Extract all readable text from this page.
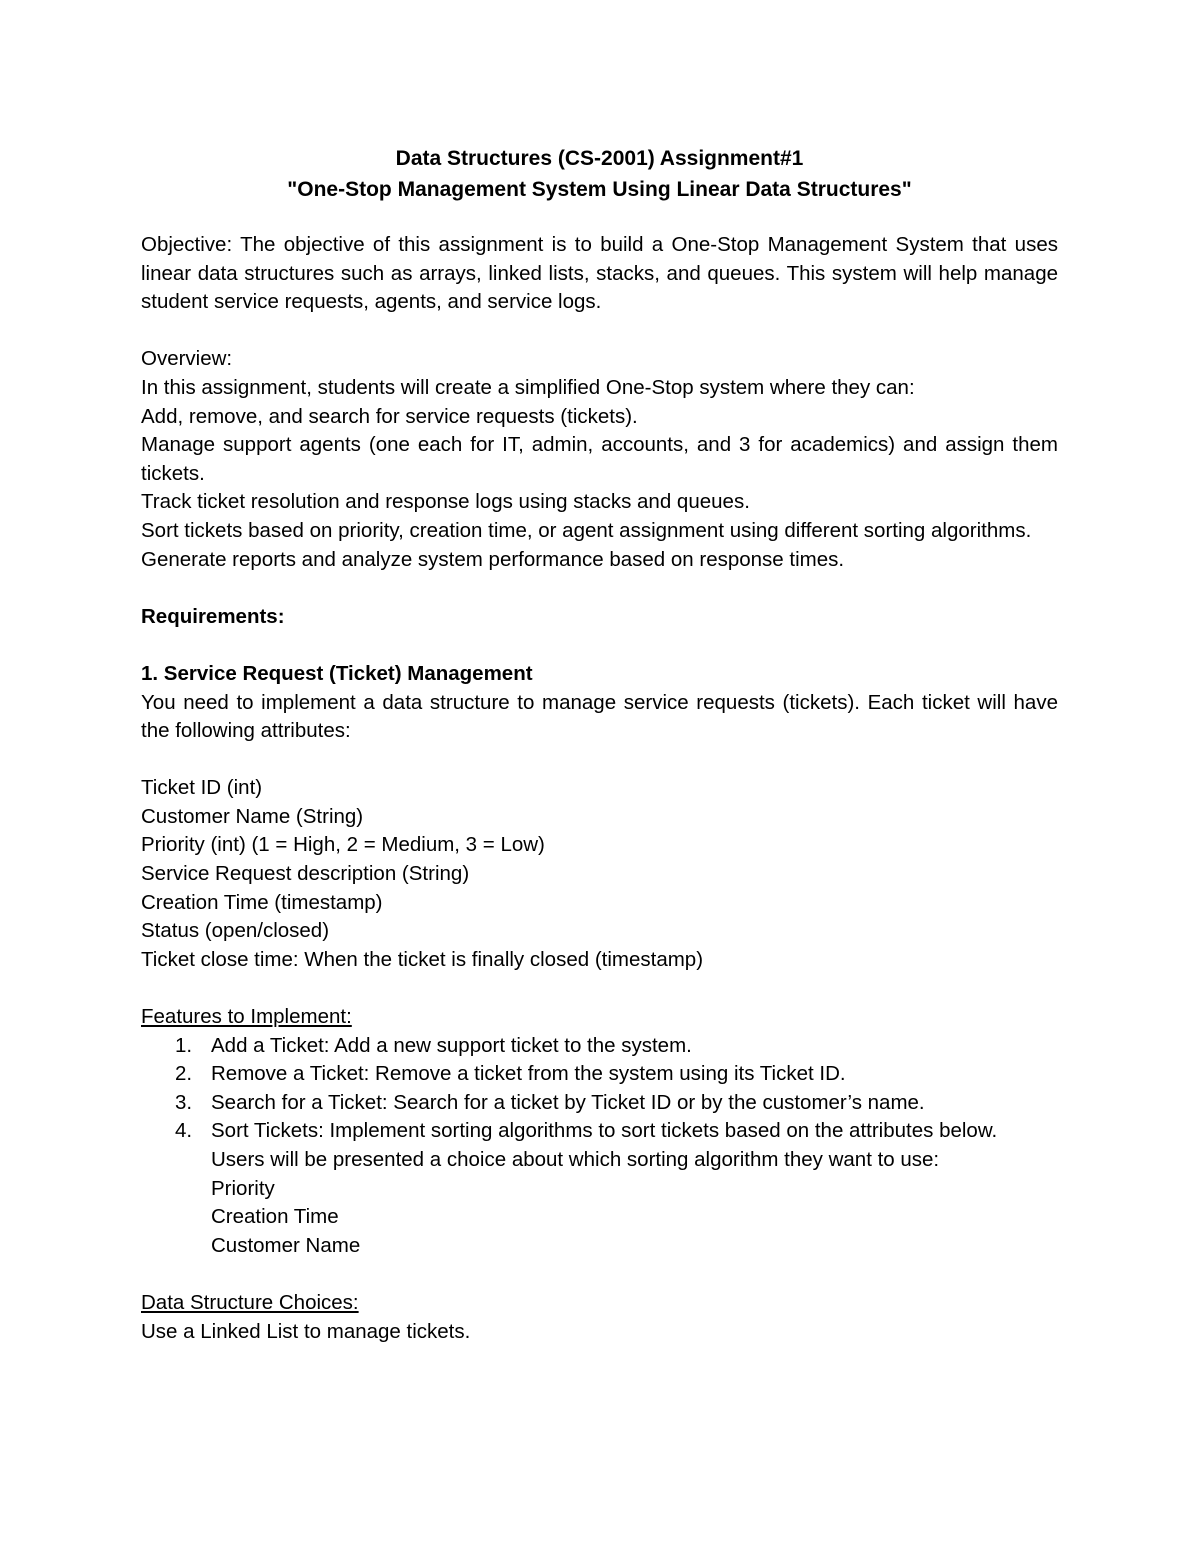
Data Structures (CS-2001) Assignment#1

"One-Stop Management System Using Linear Data Structures"

Objective: The objective of this assignment is to build a One-Stop Management System that uses linear data structures such as arrays, linked lists, stacks, and queues. This system will help manage student service requests, agents, and service logs.

Overview:

In this assignment, students will create a simplified One-Stop system where they can:

Add, remove, and search for service requests (tickets).

Manage support agents (one each for IT, admin, accounts, and 3 for academics) and assign them tickets.

Track ticket resolution and response logs using stacks and queues.

Sort tickets based on priority, creation time, or agent assignment using different sorting algorithms.

Generate reports and analyze system performance based on response times.

Requirements:

1. Service Request (Ticket) Management

You need to implement a data structure to manage service requests (tickets). Each ticket will have the following attributes:

Ticket ID (int)

Customer Name (String)

Priority (int) (1 = High, 2 = Medium, 3 = Low)

Service Request description (String)

Creation Time (timestamp)

Status (open/closed)

Ticket close time: When the ticket is finally closed (timestamp)

Features to Implement:

1. Add a Ticket: Add a new support ticket to the system.
2. Remove a Ticket: Remove a ticket from the system using its Ticket ID.
3. Search for a Ticket: Search for a ticket by Ticket ID or by the customer’s name.
4. Sort Tickets: Implement sorting algorithms to sort tickets based on the attributes below.

Users will be presented a choice about which sorting algorithm they want to use:

Priority

Creation Time

Customer Name

Data Structure Choices:

Use a Linked List to manage tickets.
